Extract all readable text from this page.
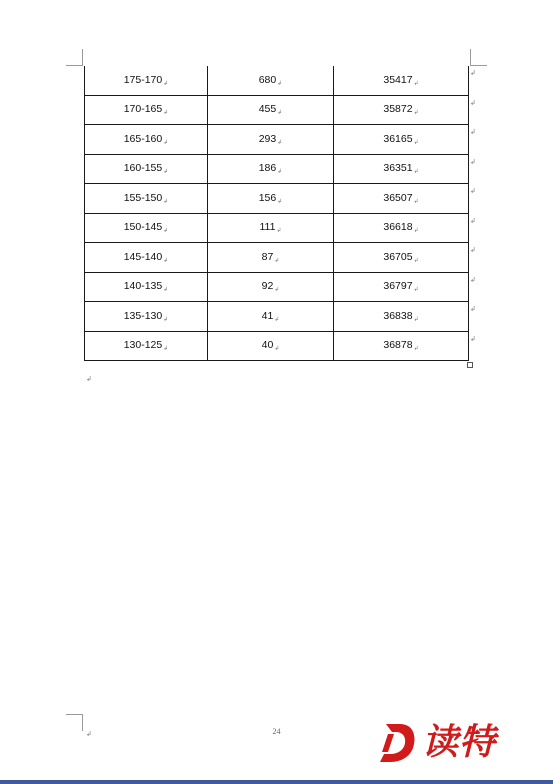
175-170↲	680↲	35417↲
170-165↲	455↲	35872↲
165-160↲	293↲	36165↲
160-155↲	186↲	36351↲
155-150↲	156↲	36507↲
150-145↲	111↲	36618↲
145-140↲	87↲	36705↲
140-135↲	92↲	36797↲
135-130↲	41↲	36838↲
130-125↲	40↲	36878↲
↲
↲
↲
↲
↲
↲
↲
↲
↲
↲
↲
↲	24	读特
